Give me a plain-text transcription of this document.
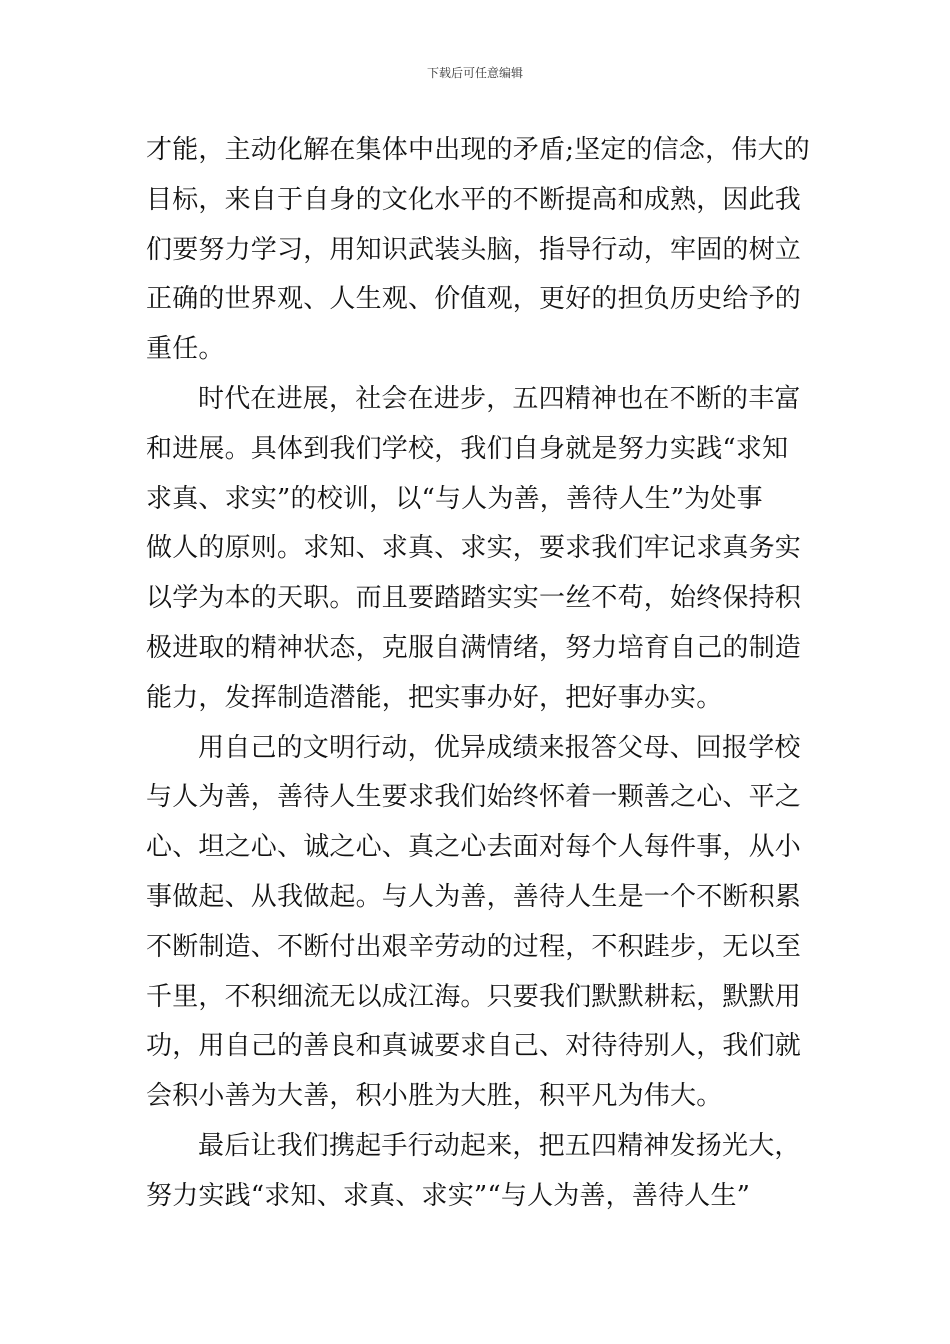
下载后可任意编辑
才能，主动化解在集体中出现的矛盾;坚定的信念，伟大的
目标，来自于自身的文化水平的不断提高和成熟，因此我
们要努力学习，用知识武装头脑，指导行动，牢固的树立
正确的世界观、人生观、价值观，更好的担负历史给予的
重任。
时代在进展，社会在进步，五四精神也在不断的丰富
和进展。具体到我们学校，我们自身就是努力实践“求知
求真、求实”的校训，以“与人为善，善待人生”为处事
做人的原则。求知、求真、求实，要求我们牢记求真务实
以学为本的天职。而且要踏踏实实一丝不苟，始终保持积
极进取的精神状态，克服自满情绪，努力培育自己的制造
能力，发挥制造潜能，把实事办好，把好事办实。
用自己的文明行动，优异成绩来报答父母、回报学校
与人为善，善待人生要求我们始终怀着一颗善之心、平之
心、坦之心、诚之心、真之心去面对每个人每件事，从小
事做起、从我做起。与人为善，善待人生是一个不断积累
不断制造、不断付出艰辛劳动的过程，不积跬步，无以至
千里，不积细流无以成江海。只要我们默默耕耘，默默用
功，用自己的善良和真诚要求自己、对待待别人，我们就
会积小善为大善，积小胜为大胜，积平凡为伟大。
最后让我们携起手行动起来，把五四精神发扬光大，
努力实践“求知、求真、求实”“与人为善，善待人生”
